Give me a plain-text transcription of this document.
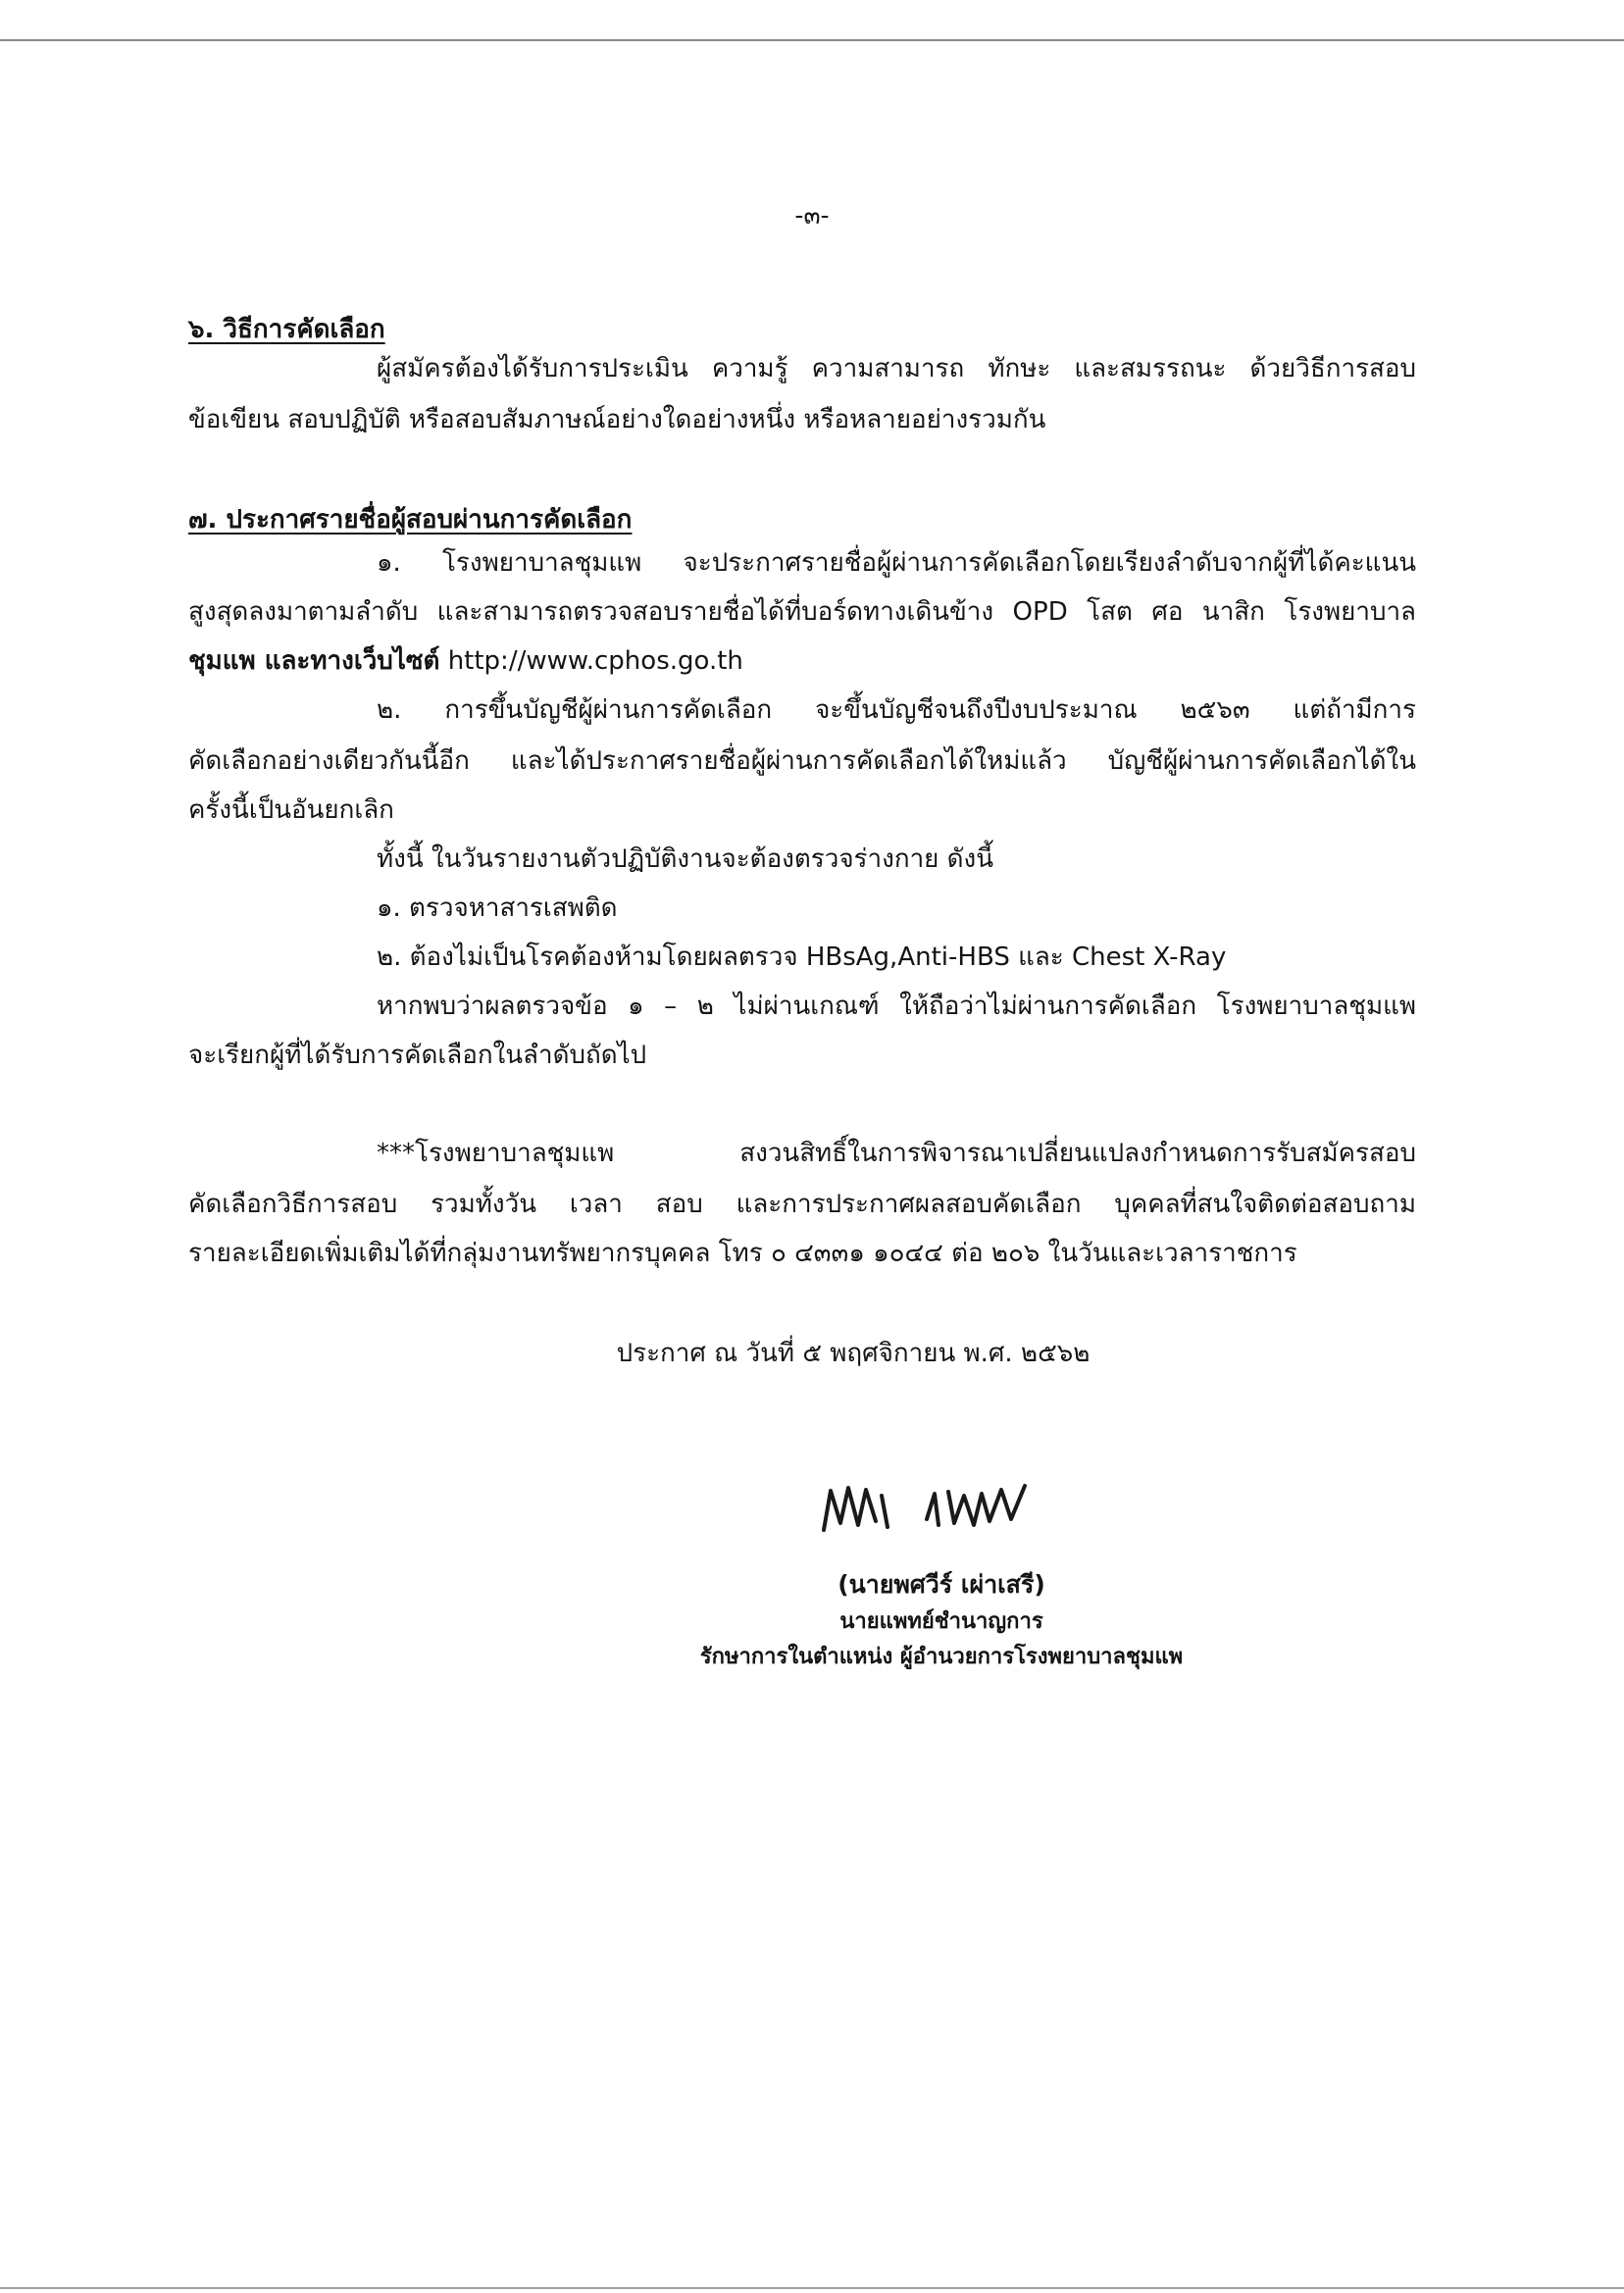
-๓-
๖. วิธีการคัดเลือก
ผู้สมัครต้องได้รับการประเมิน ความรู้ ความสามารถ ทักษะ และสมรรถนะ ด้วยวิธีการสอบ
ข้อเขียน สอบปฏิบัติ หรือสอบสัมภาษณ์อย่างใดอย่างหนึ่ง หรือหลายอย่างรวมกัน
๗. ประกาศรายชื่อผู้สอบผ่านการคัดเลือก
๑. โรงพยาบาลชุมแพ จะประกาศรายชื่อผู้ผ่านการคัดเลือกโดยเรียงลำดับจากผู้ที่ได้คะแนน
สูงสุดลงมาตามลำดับ และสามารถตรวจสอบรายชื่อได้ที่บอร์ดทางเดินข้าง OPD โสต ศอ นาสิก โรงพยาบาล
ชุมแพ และทางเว็บไซต์ http://www.cphos.go.th
๒. การขึ้นบัญชีผู้ผ่านการคัดเลือก จะขึ้นบัญชีจนถึงปีงบประมาณ ๒๕๖๓ แต่ถ้ามีการ
คัดเลือกอย่างเดียวกันนี้อีก และได้ประกาศรายชื่อผู้ผ่านการคัดเลือกได้ใหม่แล้ว บัญชีผู้ผ่านการคัดเลือกได้ใน
ครั้งนี้เป็นอันยกเลิก
ทั้งนี้ ในวันรายงานตัวปฏิบัติงานจะต้องตรวจร่างกาย ดังนี้
๑. ตรวจหาสารเสพติด
๒. ต้องไม่เป็นโรคต้องห้ามโดยผลตรวจ HBsAg,Anti-HBS และ Chest X-Ray
หากพบว่าผลตรวจข้อ ๑ – ๒ ไม่ผ่านเกณฑ์ ให้ถือว่าไม่ผ่านการคัดเลือก โรงพยาบาลชุมแพ
จะเรียกผู้ที่ได้รับการคัดเลือกในลำดับถัดไป
***โรงพยาบาลชุมแพ สงวนสิทธิ์ในการพิจารณาเปลี่ยนแปลงกำหนดการรับสมัครสอบ
คัดเลือกวิธีการสอบ รวมทั้งวัน เวลา สอบ และการประกาศผลสอบคัดเลือก บุคคลที่สนใจติดต่อสอบถาม
รายละเอียดเพิ่มเติมได้ที่กลุ่มงานทรัพยากรบุคคล โทร ๐ ๔๓๓๑ ๑๐๔๔ ต่อ ๒๐๖ ในวันและเวลาราชการ
ประกาศ ณ วันที่ ๕ พฤศจิกายน พ.ศ. ๒๕๖๒
(นายพศวีร์ เผ่าเสรี)
นายแพทย์ชำนาญการ
รักษาการในตำแหน่ง ผู้อำนวยการโรงพยาบาลชุมแพ
